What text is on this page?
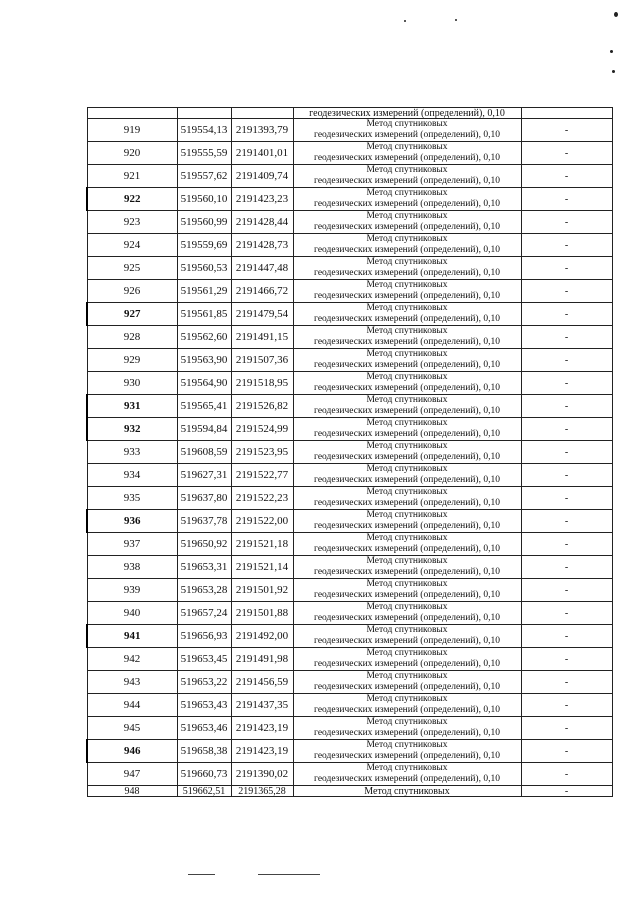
			геодезических измерений (определений), 0,10	
919	519554,13	2191393,79	Метод спутниковых
геодезических измерений (определений), 0,10	-
920	519555,59	2191401,01	Метод спутниковых
геодезических измерений (определений), 0,10	-
921	519557,62	2191409,74	Метод спутниковых
геодезических измерений (определений), 0,10	-
922	519560,10	2191423,23	Метод спутниковых
геодезических измерений (определений), 0,10	-
923	519560,99	2191428,44	Метод спутниковых
геодезических измерений (определений), 0,10	-
924	519559,69	2191428,73	Метод спутниковых
геодезических измерений (определений), 0,10	-
925	519560,53	2191447,48	Метод спутниковых
геодезических измерений (определений), 0,10	-
926	519561,29	2191466,72	Метод спутниковых
геодезических измерений (определений), 0,10	-
927	519561,85	2191479,54	Метод спутниковых
геодезических измерений (определений), 0,10	-
928	519562,60	2191491,15	Метод спутниковых
геодезических измерений (определений), 0,10	-
929	519563,90	2191507,36	Метод спутниковых
геодезических измерений (определений), 0,10	-
930	519564,90	2191518,95	Метод спутниковых
геодезических измерений (определений), 0,10	-
931	519565,41	2191526,82	Метод спутниковых
геодезических измерений (определений), 0,10	-
932	519594,84	2191524,99	Метод спутниковых
геодезических измерений (определений), 0,10	-
933	519608,59	2191523,95	Метод спутниковых
геодезических измерений (определений), 0,10	-
934	519627,31	2191522,77	Метод спутниковых
геодезических измерений (определений), 0,10	-
935	519637,80	2191522,23	Метод спутниковых
геодезических измерений (определений), 0,10	-
936	519637,78	2191522,00	Метод спутниковых
геодезических измерений (определений), 0,10	-
937	519650,92	2191521,18	Метод спутниковых
геодезических измерений (определений), 0,10	-
938	519653,31	2191521,14	Метод спутниковых
геодезических измерений (определений), 0,10	-
939	519653,28	2191501,92	Метод спутниковых
геодезических измерений (определений), 0,10	-
940	519657,24	2191501,88	Метод спутниковых
геодезических измерений (определений), 0,10	-
941	519656,93	2191492,00	Метод спутниковых
геодезических измерений (определений), 0,10	-
942	519653,45	2191491,98	Метод спутниковых
геодезических измерений (определений), 0,10	-
943	519653,22	2191456,59	Метод спутниковых
геодезических измерений (определений), 0,10	-
944	519653,43	2191437,35	Метод спутниковых
геодезических измерений (определений), 0,10	-
945	519653,46	2191423,19	Метод спутниковых
геодезических измерений (определений), 0,10	-
946	519658,38	2191423,19	Метод спутниковых
геодезических измерений (определений), 0,10	-
947	519660,73	2191390,02	Метод спутниковых
геодезических измерений (определений), 0,10	-
948	519662,51	2191365,28	Метод спутниковых	-
